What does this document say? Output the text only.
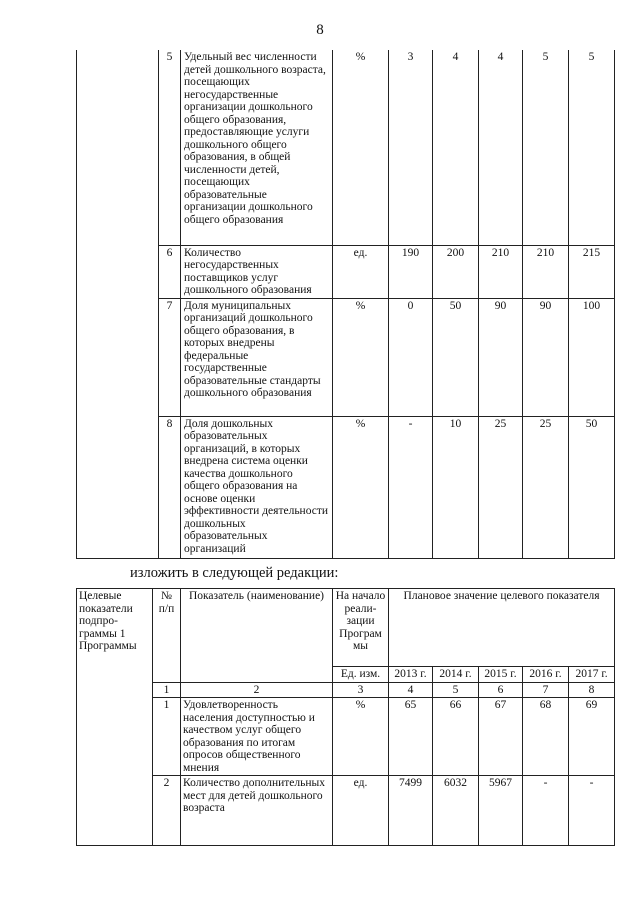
8
	5	Удельный вес численности детей дошкольного возраста, посещающих негосударственные организации дошкольного общего образования, предоставляющие услуги дошкольного общего образования, в общей численности детей, посещающих образовательные организации дошкольного общего образования	%	3	4	4	5	5
	6	Количество негосударственных поставщиков услуг дошкольного образования	ед.	190	200	210	210	215
	7	Доля муниципальных организаций дошкольного общего образования, в которых внедрены федеральные государственные образовательные стандарты дошкольного образования	%	0	50	90	90	100
	8	Доля дошкольных образовательных организаций, в которых внедрена система оценки качества дошкольного общего образования на основе оценки эффективности деятельности дошкольных образовательных организаций	%	-	10	25	25	50
изложить в следующей редакции:
Целевые показатели подпро-граммы 1 Программы	№ п/п	Показатель (наименование)	На начало реали-зации Програм мы	Плановое значение целевого показателя				
			Ед. изм.	2013 г.	2014 г.	2015 г.	2016 г.	2017 г.
	1	2	3	4	5	6	7	8
	1	Удовлетворенность населения доступностью и качеством услуг общего образования по итогам опросов общественного мнения	%	65	66	67	68	69
	2	Количество дополнительных мест для детей дошкольного возраста	ед.	7499	6032	5967	-	-
